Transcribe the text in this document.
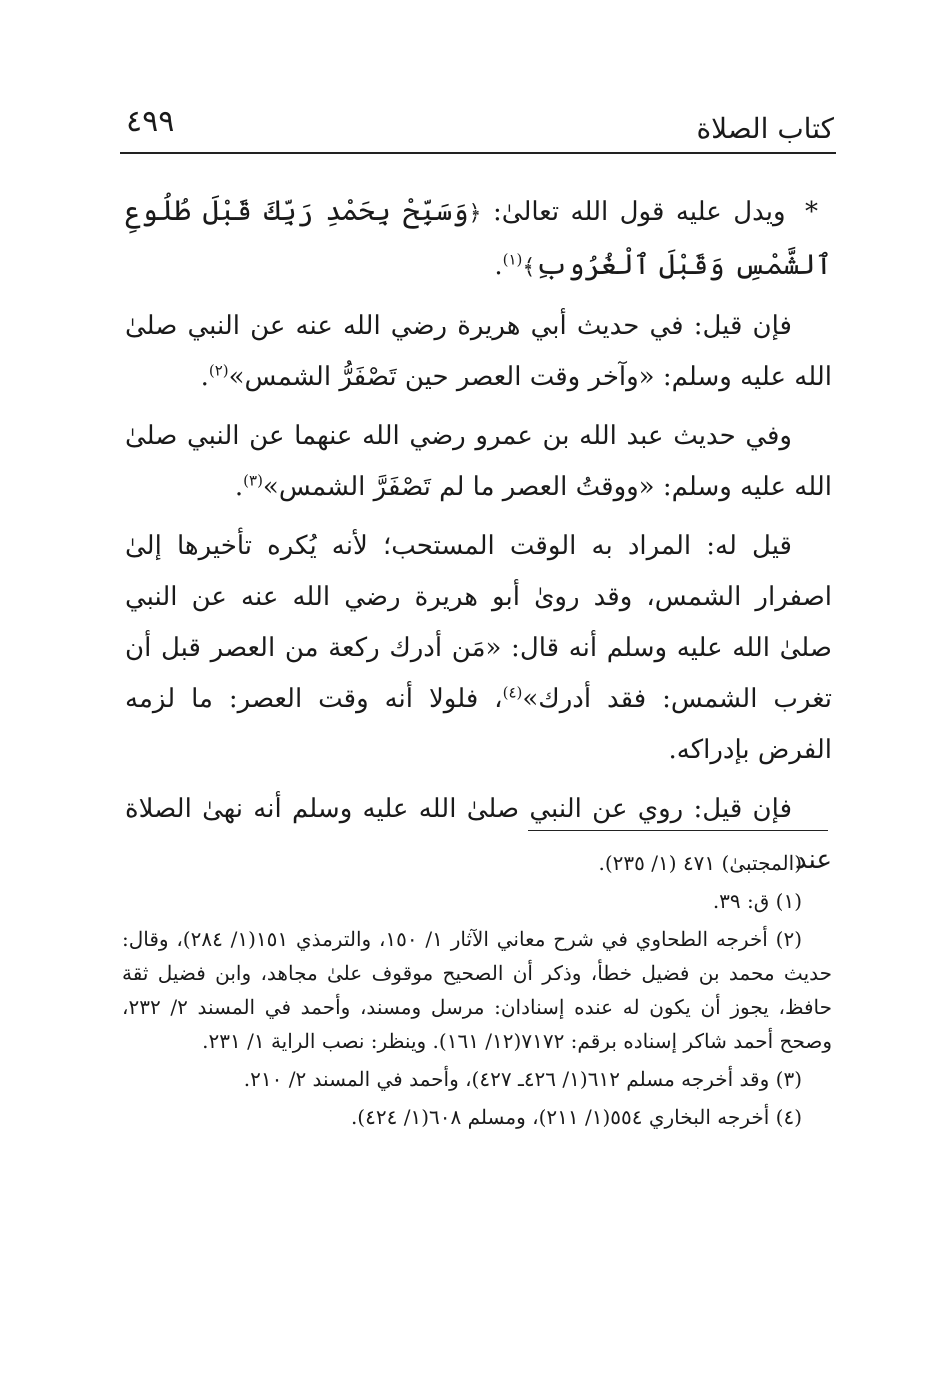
كتاب الصلاة
٤٩٩

* ويدل عليه قول الله تعالىٰ: ﴿وَسَبِّحْ بِحَمْدِ رَبِّكَ قَبْلَ طُلُوعِ ٱلشَّمْسِ وَقَبْلَ ٱلْغُرُوبِ﴾$^{(١)}$.

فإن قيل: في حديث أبي هريرة رضي الله عنه عن النبي صلىٰ الله عليه وسلم: «وآخر وقت العصر حين تَصْفَرُّ الشمس»$^{(٢)}$.

وفي حديث عبد الله بن عمرو رضي الله عنهما عن النبي صلىٰ الله عليه وسلم: «ووقتُ العصر ما لم تَصْفَرَّ الشمس»$^{(٣)}$.

قيل له: المراد به الوقت المستحب؛ لأنه يُكره تأخيرها إلىٰ اصفرار الشمس، وقد روىٰ أبو هريرة رضي الله عنه عن النبي صلىٰ الله عليه وسلم أنه قال: «مَن أدرك ركعة من العصر قبل أن تغرب الشمس: فقد أدرك»$^{(٤)}$، فلولا أنه وقت العصر: ما لزمه الفرض بإدراكه.

فإن قيل: روي عن النبي صلىٰ الله عليه وسلم أنه نهىٰ الصلاة عند

(المجتبىٰ) ٤٧١ (١/ ٢٣٥).

(١) ق: ٣٩.

(٢) أخرجه الطحاوي في شرح معاني الآثار ١/ ١٥٠، والترمذي ١٥١(١/ ٢٨٤)، وقال: حديث محمد بن فضيل خطأ، وذكر أن الصحيح موقوف علىٰ مجاهد، وابن فضيل ثقة حافظ، يجوز أن يكون له عنده إسنادان: مرسل ومسند، وأحمد في المسند ٢/ ٢٣٢، وصحح أحمد شاكر إسناده برقم: ٧١٧٢(١٢/ ١٦١). وينظر: نصب الراية ١/ ٢٣١.

(٣) وقد أخرجه مسلم ٦١٢(١/ ٤٢٦ـ ٤٢٧)، وأحمد في المسند ٢/ ٢١٠.

(٤) أخرجه البخاري ٥٥٤(١/ ٢١١)، ومسلم ٦٠٨(١/ ٤٢٤).
